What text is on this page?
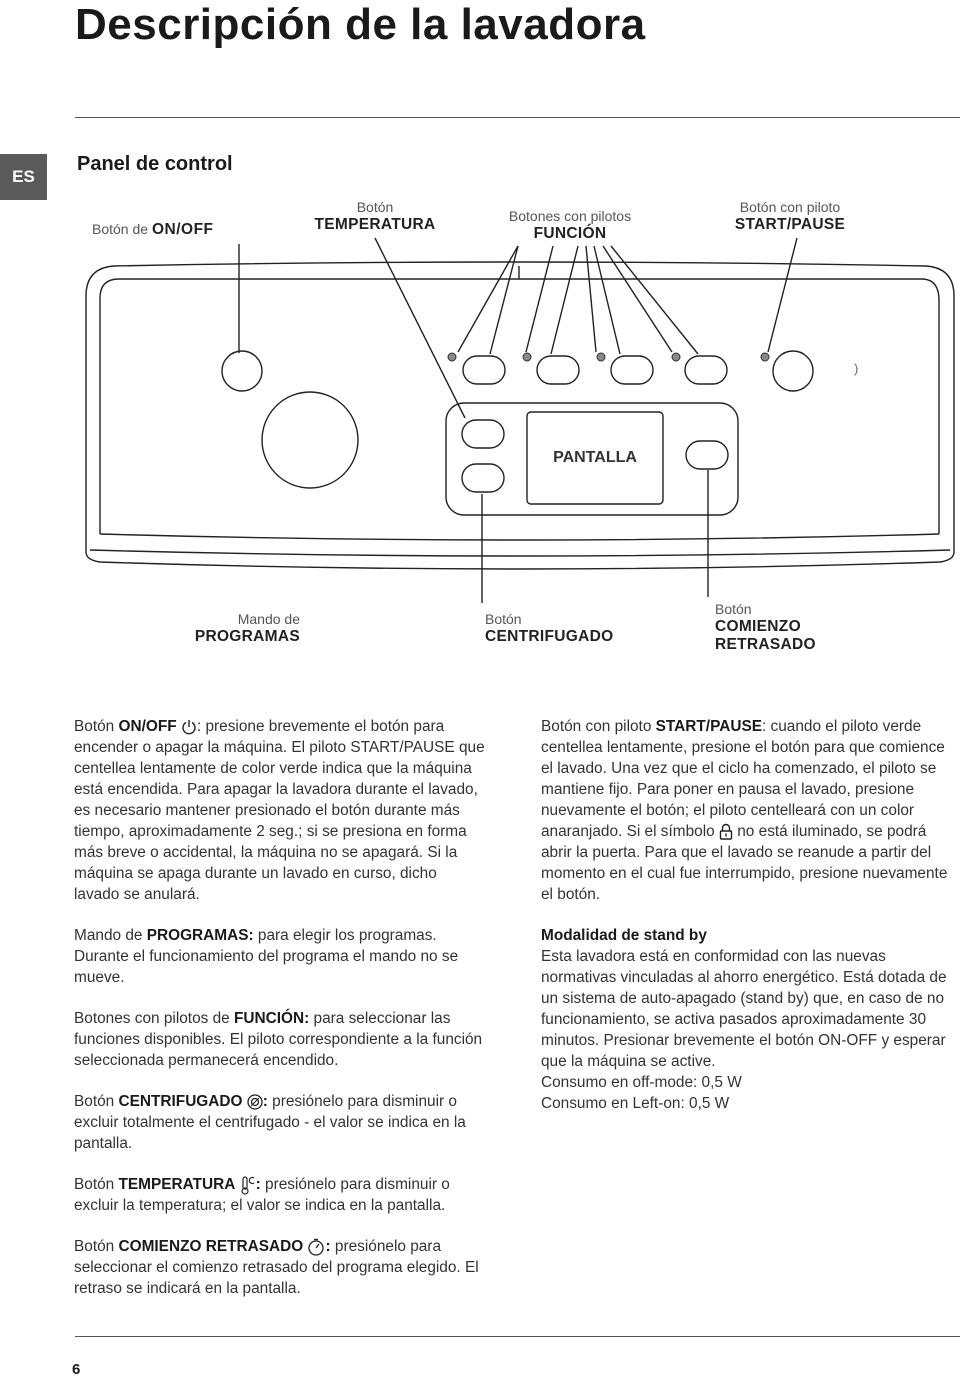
Descripción de la lavadora
ES
Panel de control
Botón de ON/OFF
Botón
TEMPERATURA	Botones con pilotos
FUNCIÓN
Botón con piloto
START/PAUSE
)
PANTALLA
Mando de
PROGRAMAS
Botón
CENTRIFUGADO
Botón
COMIENZO
RETRASADO

Botón ON/OFF : presione brevemente el botón para encender o apagar la máquina. El piloto START/PAUSE que centellea lentamente de color verde indica que la máquina está encendida. Para apagar la lavadora durante el lavado, es necesario mantener presionado el botón durante más tiempo, aproximadamente 2 seg.; si se presiona en forma más breve o accidental, la máquina no se apagará. Si la máquina se apaga durante un lavado en curso, dicho lavado se anulará.

Mando de PROGRAMAS: para elegir los programas. Durante el funcionamiento del programa el mando no se mueve.

Botones con pilotos de FUNCIÓN: para seleccionar las funciones disponibles. El piloto correspondiente a la función seleccionada permanecerá encendido.

Botón CENTRIFUGADO : presiónelo para disminuir o excluir totalmente el centrifugado - el valor se indica en la pantalla.

Botón TEMPERATURA : presiónelo para disminuir o excluir la temperatura; el valor se indica en la pantalla.

Botón COMIENZO RETRASADO : presiónelo para seleccionar el comienzo retrasado del programa elegido. El retraso se indicará en la pantalla.

Botón con piloto START/PAUSE: cuando el piloto verde centellea lentamente, presione el botón para que comience el lavado. Una vez que el ciclo ha comenzado, el piloto se mantiene fijo. Para poner en pausa el lavado, presione nuevamente el botón; el piloto centelleará con un color anaranjado. Si el símbolo  no está iluminado, se podrá abrir la puerta. Para que el lavado se reanude a partir del momento en el cual fue interrumpido, presione nuevamente el botón.

Modalidad de stand by

Esta lavadora está en conformidad con las nuevas normativas vinculadas al ahorro energético. Está dotada de un sistema de auto-apagado (stand by) que, en caso de no funcionamiento, se activa pasados aproximadamente 30 minutos. Presionar brevemente el botón ON-OFF y esperar que la máquina se active.

Consumo en off-mode: 0,5 W

Consumo en Left-on: 0,5 W

6
